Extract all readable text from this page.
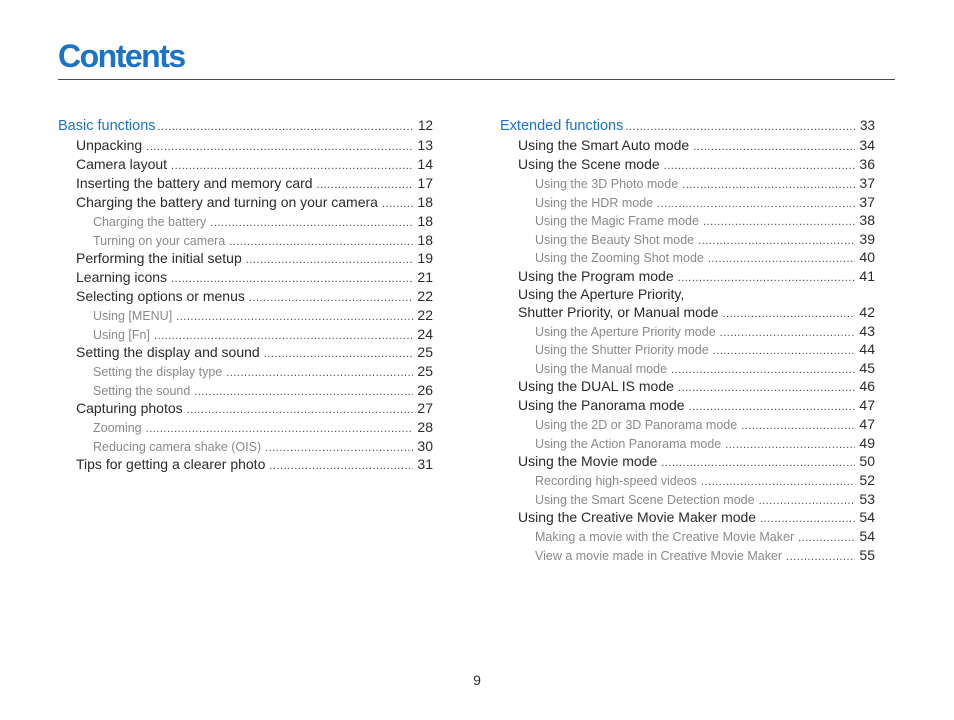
Contents
Basic functions .....	12
Unpacking .....	13
Camera layout .....	14
Inserting the battery and memory card .....	17
Charging the battery and turning on your camera .....	18
Charging the battery .....	18
Turning on your camera .....	18
Performing the initial setup .....	19
Learning icons .....	21
Selecting options or menus .....	22
Using [MENU] .....	22
Using [Fn] .....	24
Setting the display and sound .....	25
Setting the display type .....	25
Setting the sound .....	26
Capturing photos .....	27
Zooming .....	28
Reducing camera shake (OIS) .....	30
Tips for getting a clearer photo .....	31
Extended functions .....	33
Using the Smart Auto mode .....	34
Using the Scene mode .....	36
Using the 3D Photo mode .....	37
Using the HDR mode .....	37
Using the Magic Frame mode .....	38
Using the Beauty Shot mode .....	39
Using the Zooming Shot mode .....	40
Using the Program mode .....	41
Using the Aperture Priority,
Shutter Priority, or Manual mode .....	42
Using the Aperture Priority mode .....	43
Using the Shutter Priority mode .....	44
Using the Manual mode .....	45
Using the DUAL IS mode .....	46
Using the Panorama mode .....	47
Using the 2D or 3D Panorama mode .....	47
Using the Action Panorama mode .....	49
Using the Movie mode .....	50
Recording high-speed videos .....	52
Using the Smart Scene Detection mode .....	53
Using the Creative Movie Maker mode .....	54
Making a movie with the Creative Movie Maker .....	54
View a movie made in Creative Movie Maker .....	55
9
